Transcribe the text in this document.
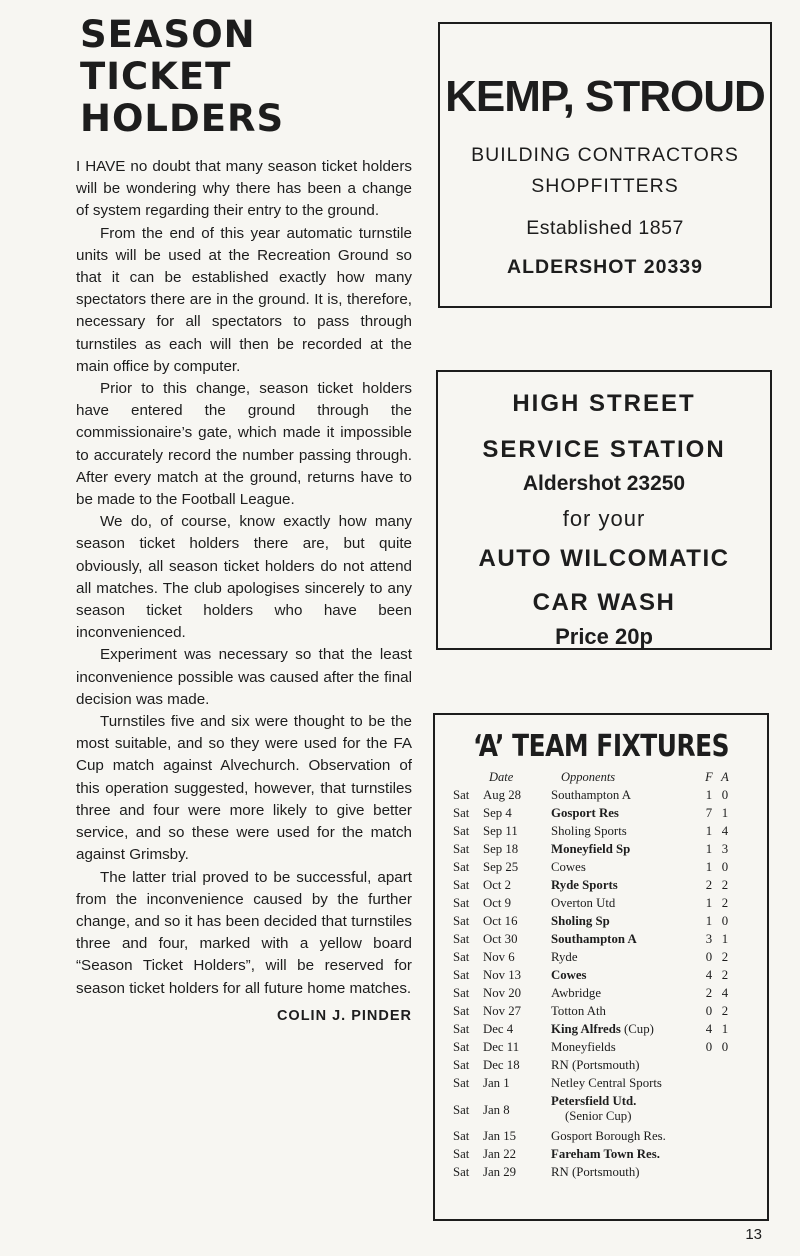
SEASON
TICKET
HOLDERS

I HAVE no doubt that many season ticket holders will be wondering why there has been a change of system regarding their entry to the ground.

From the end of this year automatic turnstile units will be used at the Recreation Ground so that it can be established exactly how many spectators there are in the ground. It is, therefore, necessary for all spectators to pass through turnstiles as each will then be recorded at the main office by computer.

Prior to this change, season ticket holders have entered the ground through the commissionaire’s gate, which made it impossible to accurately record the number passing through. After every match at the ground, returns have to be made to the Football League.

We do, of course, know exactly how many season ticket holders there are, but quite obviously, all season ticket holders do not attend all matches. The club apologises sincerely to any season ticket holders who have been inconvenienced.

Experiment was necessary so that the least inconvenience possible was caused after the final decision was made.

Turnstiles five and six were thought to be the most suitable, and so they were used for the FA Cup match against Alvechurch. Observation of this operation suggested, however, that turnstiles three and four were more likely to give better service, and so these were used for the match against Grimsby.

The latter trial proved to be successful, apart from the inconvenience caused by the further change, and so it has been decided that turnstiles three and four, marked with a yellow board “Season Ticket Holders”, will be reserved for season ticket holders for all future home matches.

COLIN J. PINDER
KEMP, STROUD
BUILDING CONTRACTORS
SHOPFITTERS
Established 1857
ALDERSHOT 20339
HIGH STREET
SERVICE STATION
Aldershot 23250
for your
AUTO WILCOMATIC
CAR WASH
Price 20p
‘A’ TEAM FIXTURES
	Date	Opponents	F	A
Sat	Aug 28	Southampton A	1	0
Sat	Sep 4	Gosport Res	7	1
Sat	Sep 11	Sholing Sports	1	4
Sat	Sep 18	Moneyfield Sp	1	3
Sat	Sep 25	Cowes	1	0
Sat	Oct 2	Ryde Sports	2	2
Sat	Oct 9	Overton Utd	1	2
Sat	Oct 16	Sholing Sp	1	0
Sat	Oct 30	Southampton A	3	1
Sat	Nov 6	Ryde	0	2
Sat	Nov 13	Cowes	4	2
Sat	Nov 20	Awbridge	2	4
Sat	Nov 27	Totton Ath	0	2
Sat	Dec 4	King Alfreds (Cup)	4	1
Sat	Dec 11	Moneyfields	0	0
Sat	Dec 18	RN (Portsmouth)		
Sat	Jan 1	Netley Central Sports		
Sat	Jan 8	Petersfield Utd.
(Senior Cup)		

Sat	Jan 15	Gosport Borough Res.		
Sat	Jan 22	Fareham Town Res.		
Sat	Jan 29	RN (Portsmouth)		
13
